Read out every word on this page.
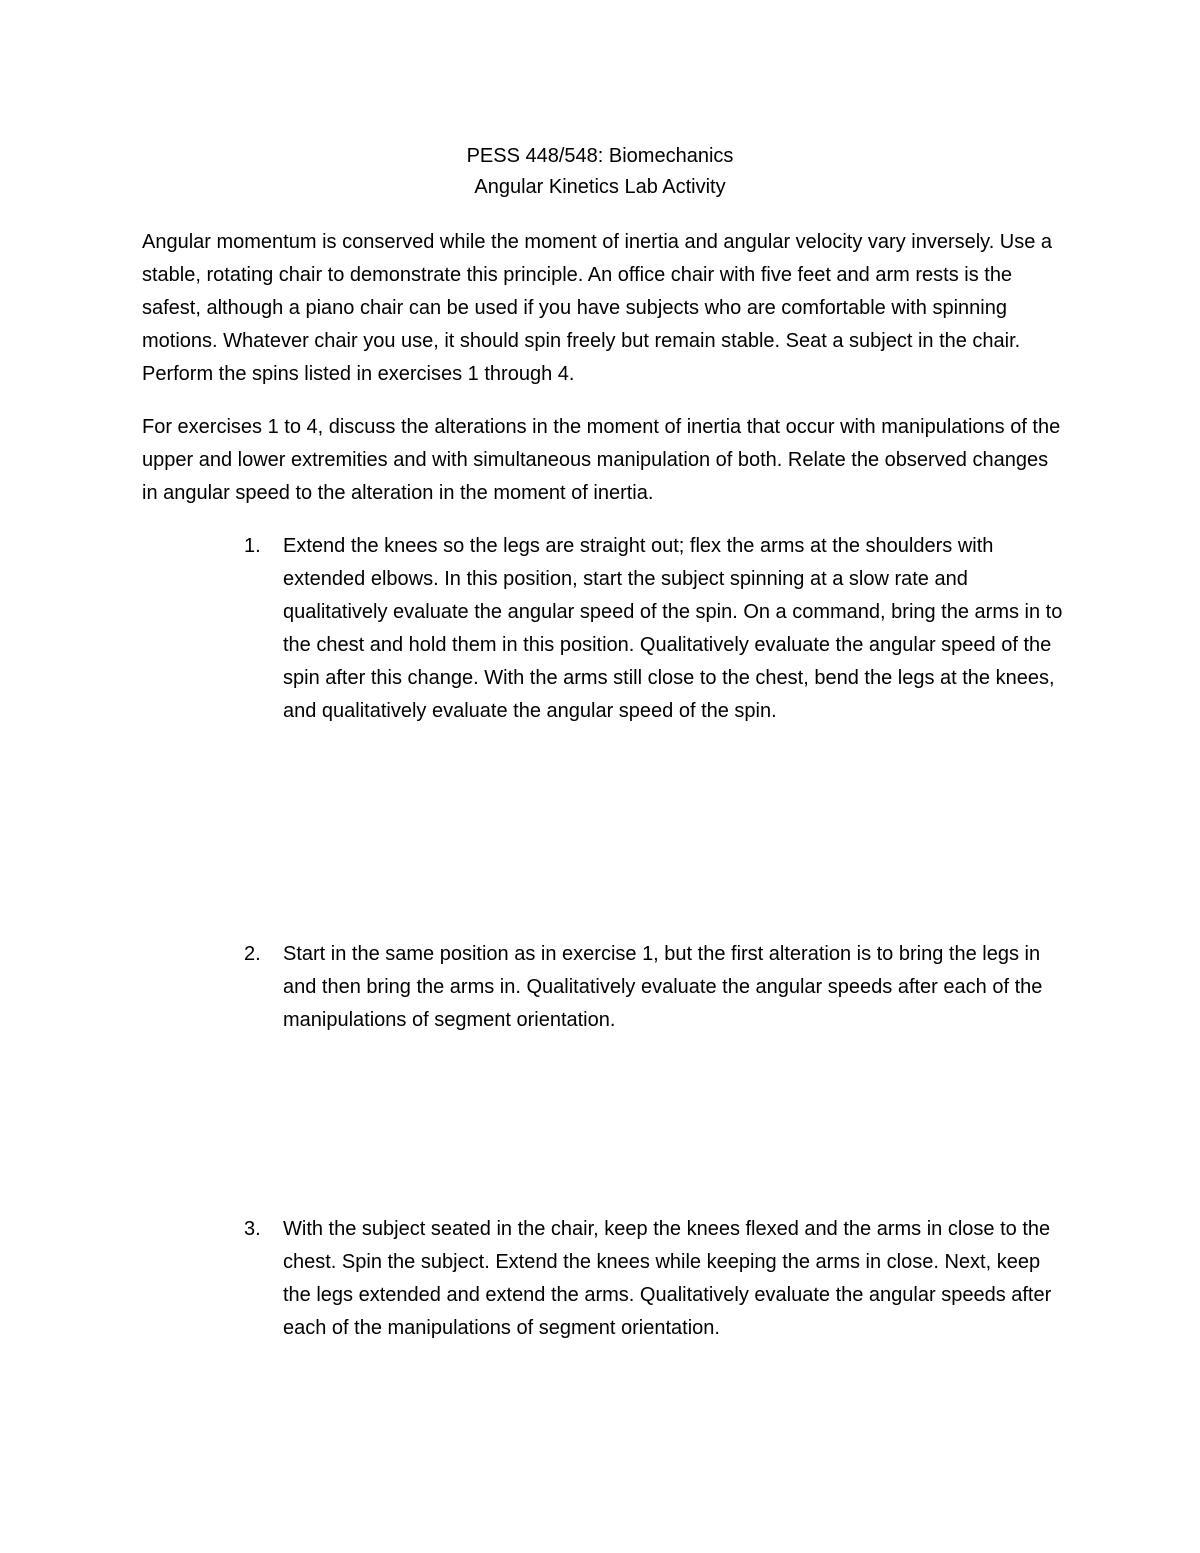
PESS 448/548: Biomechanics
Angular Kinetics Lab Activity

Angular momentum is conserved while the moment of inertia and angular velocity vary inversely. Use a stable, rotating chair to demonstrate this principle. An office chair with five feet and arm rests is the safest, although a piano chair can be used if you have subjects who are comfortable with spinning motions. Whatever chair you use, it should spin freely but remain stable. Seat a subject in the chair. Perform the spins listed in exercises 1 through 4.

For exercises 1 to 4, discuss the alterations in the moment of inertia that occur with manipulations of the upper and lower extremities and with simultaneous manipulation of both. Relate the observed changes in angular speed to the alteration in the moment of inertia.

1.	Extend the knees so the legs are straight out; flex the arms at the shoulders with extended elbows. In this position, start the subject spinning at a slow rate and qualitatively evaluate the angular speed of the spin. On a command, bring the arms in to the chest and hold them in this position. Qualitatively evaluate the angular speed of the spin after this change. With the arms still close to the chest, bend the legs at the knees, and qualitatively evaluate the angular speed of the spin.
2.	Start in the same position as in exercise 1, but the first alteration is to bring the legs in and then bring the arms in. Qualitatively evaluate the angular speeds after each of the manipulations of segment orientation.
3.	With the subject seated in the chair, keep the knees flexed and the arms in close to the chest. Spin the subject. Extend the knees while keeping the arms in close. Next, keep the legs extended and extend the arms. Qualitatively evaluate the angular speeds after each of the manipulations of segment orientation.
